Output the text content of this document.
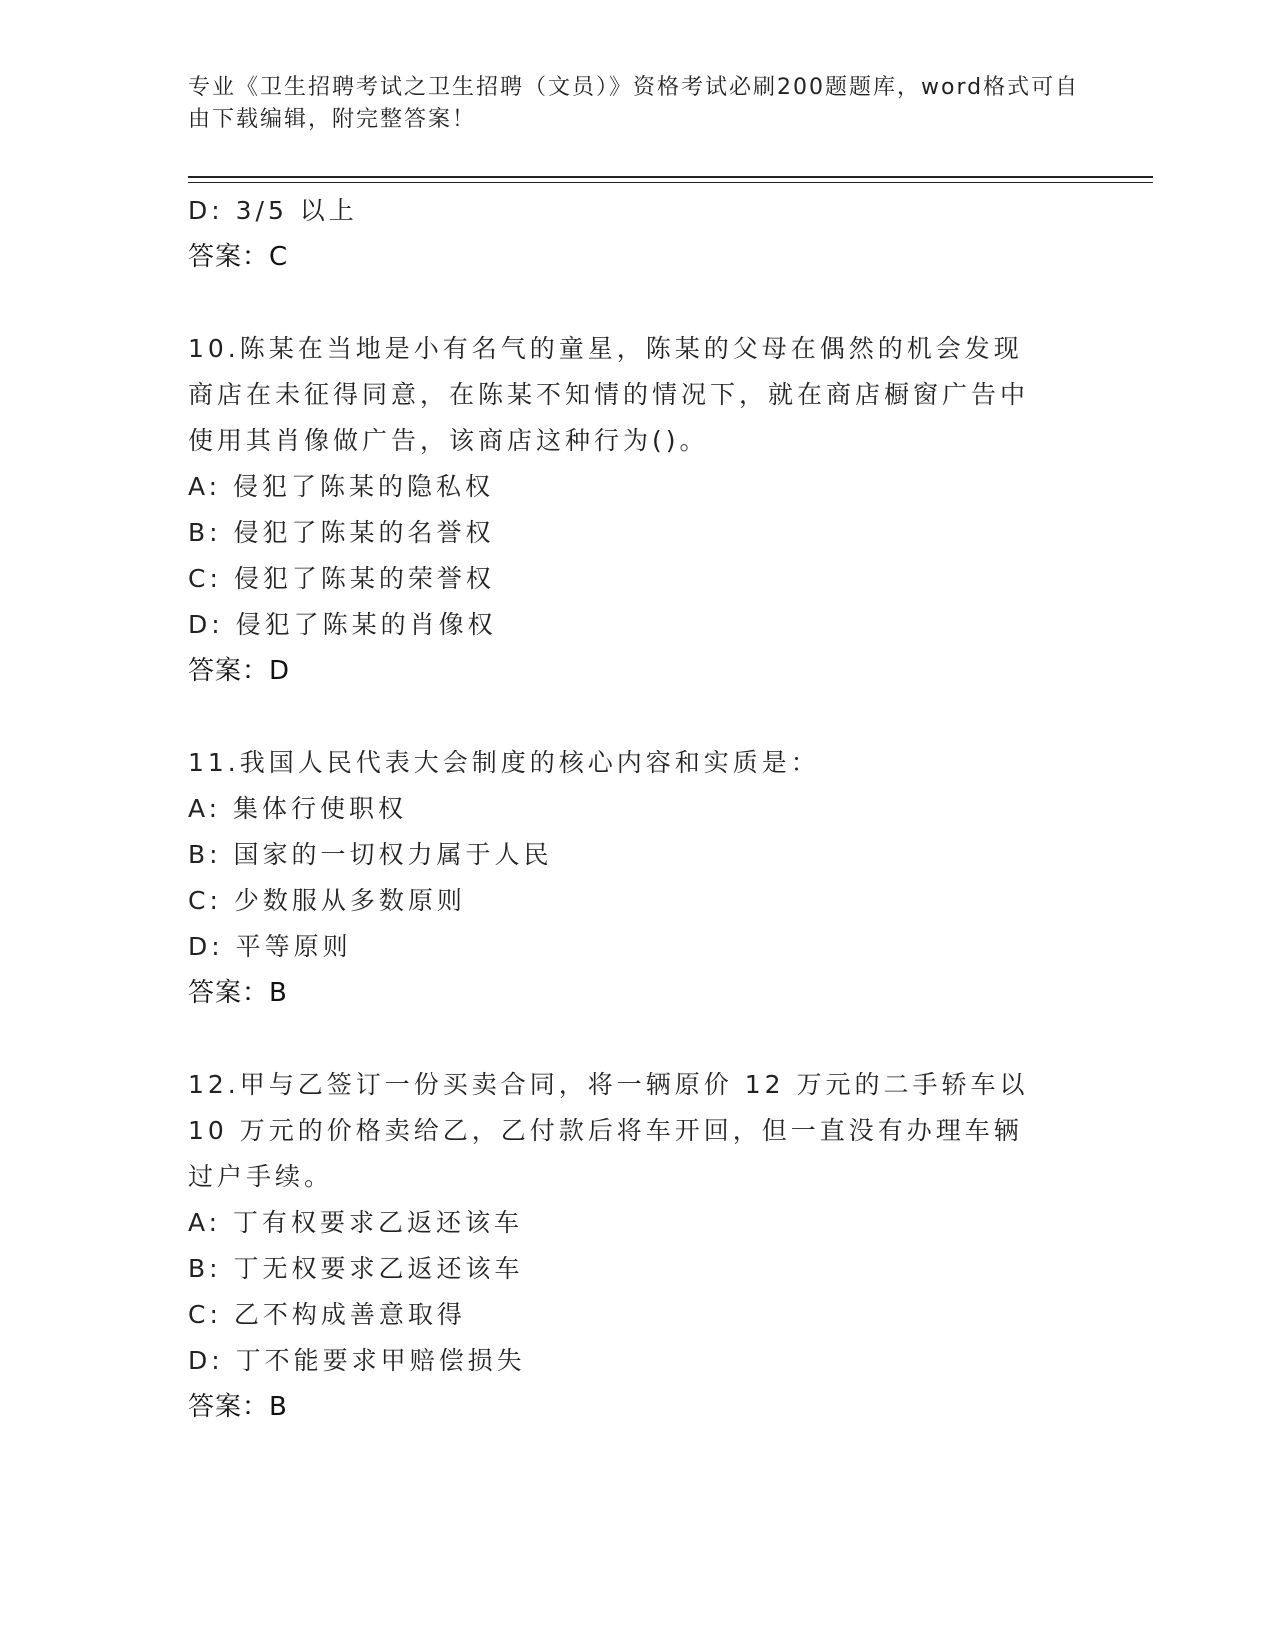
专业《卫生招聘考试之卫生招聘（文员）》资格考试必刷200题题库，word格式可自由下载编辑，附完整答案！
D: 3/5 以上
答案：C
10.陈某在当地是小有名气的童星，陈某的父母在偶然的机会发现商店在未征得同意，在陈某不知情的情况下，就在商店橱窗广告中使用其肖像做广告，该商店这种行为()。
A: 侵犯了陈某的隐私权
B: 侵犯了陈某的名誉权
C: 侵犯了陈某的荣誉权
D: 侵犯了陈某的肖像权
答案：D
11.我国人民代表大会制度的核心内容和实质是：
A: 集体行使职权
B: 国家的一切权力属于人民
C: 少数服从多数原则
D: 平等原则
答案：B
12.甲与乙签订一份买卖合同，将一辆原价 12 万元的二手轿车以 10 万元的价格卖给乙，乙付款后将车开回，但一直没有办理车辆过户手续。
A: 丁有权要求乙返还该车
B: 丁无权要求乙返还该车
C: 乙不构成善意取得
D: 丁不能要求甲赔偿损失
答案：B
